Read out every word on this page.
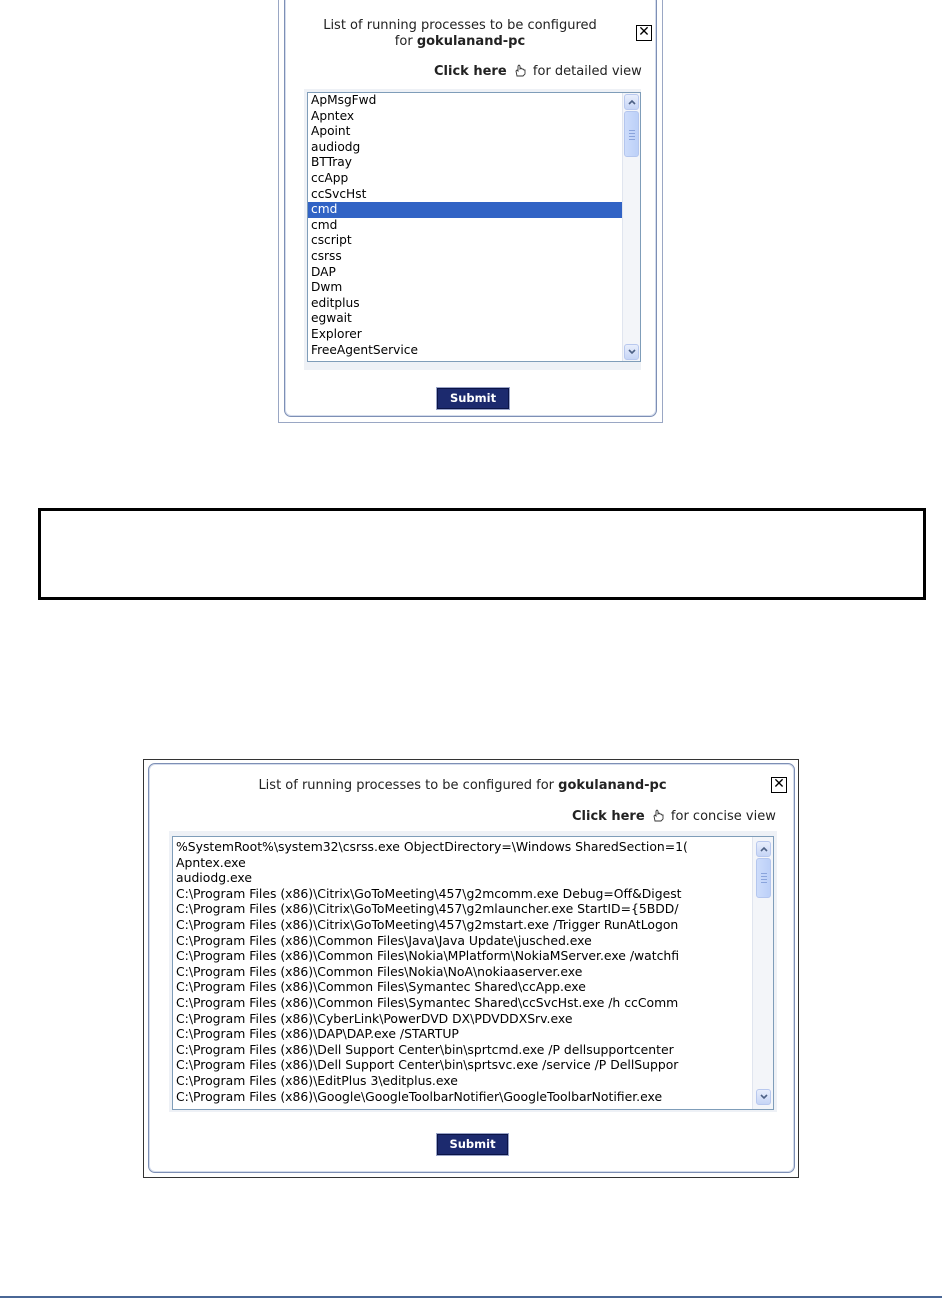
List of running processes to be configured
for gokulanand-pc
✕
Click here for detailed view
ApMsgFwd
Apntex
Apoint
audiodg
BTTray
ccApp
ccSvcHst
cmd
cmd
cscript
csrss
DAP
Dwm
editplus
egwait
Explorer
FreeAgentService
Submit
List of running processes to be configured for gokulanand-pc	✕
Click here for concise view
%SystemRoot%\system32\csrss.exe ObjectDirectory=\Windows SharedSection=1(
Apntex.exe
audiodg.exe
C:\Program Files (x86)\Citrix\GoToMeeting\457\g2mcomm.exe Debug=Off&Digest
C:\Program Files (x86)\Citrix\GoToMeeting\457\g2mlauncher.exe StartID={5BDD/
C:\Program Files (x86)\Citrix\GoToMeeting\457\g2mstart.exe /Trigger RunAtLogon
C:\Program Files (x86)\Common Files\Java\Java Update\jusched.exe
C:\Program Files (x86)\Common Files\Nokia\MPlatform\NokiaMServer.exe /watchfi
C:\Program Files (x86)\Common Files\Nokia\NoA\nokiaaserver.exe
C:\Program Files (x86)\Common Files\Symantec Shared\ccApp.exe
C:\Program Files (x86)\Common Files\Symantec Shared\ccSvcHst.exe /h ccComm
C:\Program Files (x86)\CyberLink\PowerDVD DX\PDVDDXSrv.exe
C:\Program Files (x86)\DAP\DAP.exe /STARTUP
C:\Program Files (x86)\Dell Support Center\bin\sprtcmd.exe /P dellsupportcenter
C:\Program Files (x86)\Dell Support Center\bin\sprtsvc.exe /service /P DellSuppor
C:\Program Files (x86)\EditPlus 3\editplus.exe
C:\Program Files (x86)\Google\GoogleToolbarNotifier\GoogleToolbarNotifier.exe
Submit
